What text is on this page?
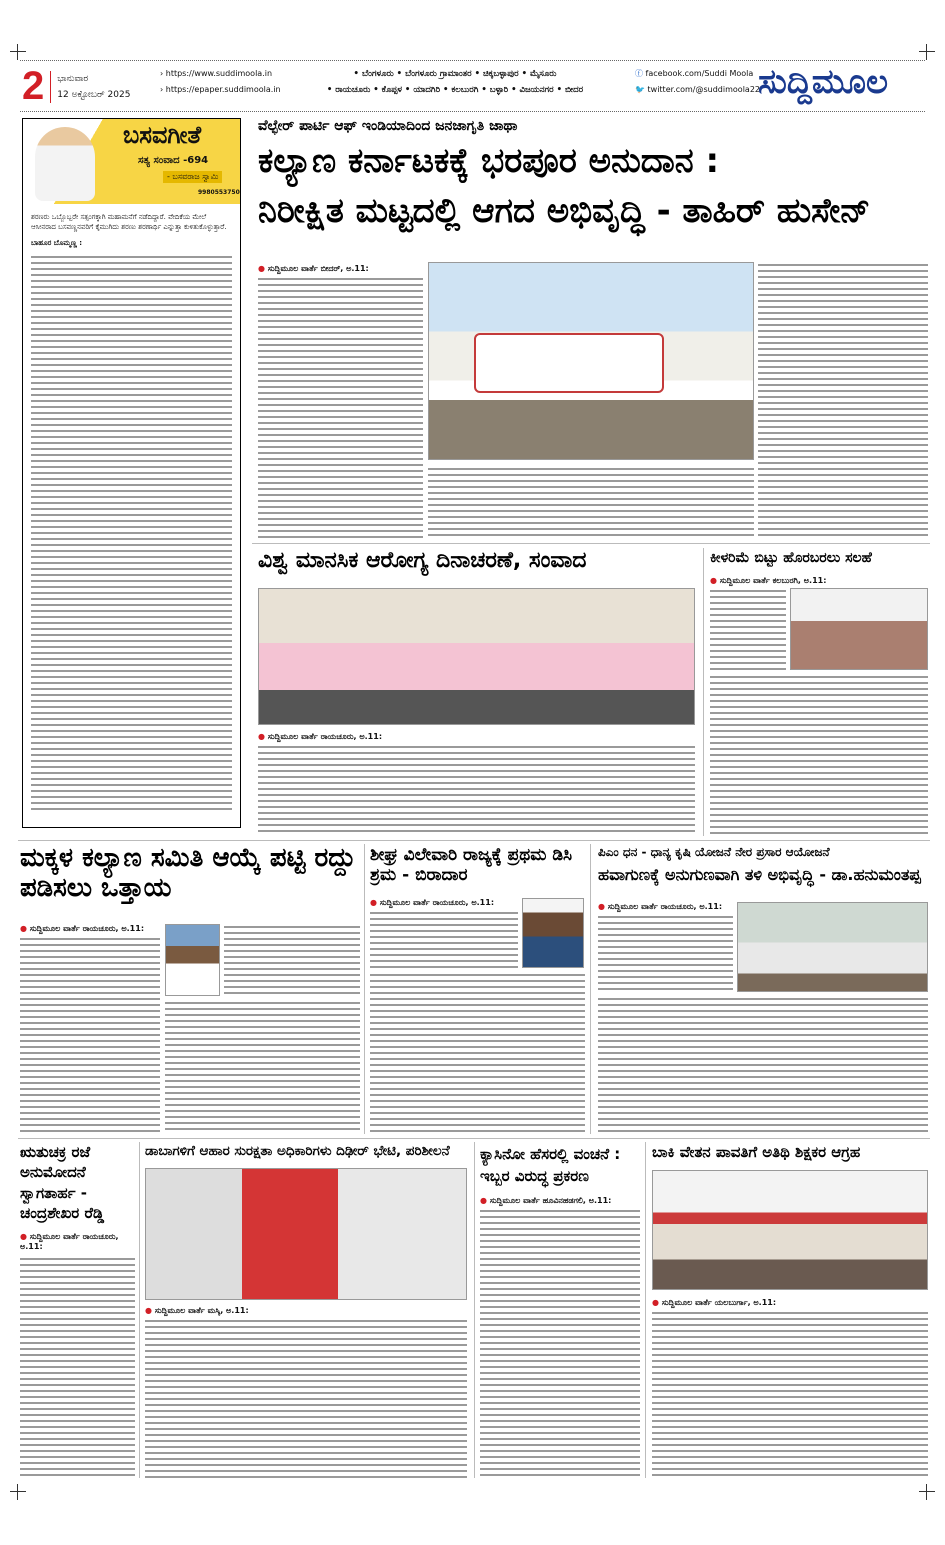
2 ಭಾನುವಾರ
12 ಅಕ್ಟೋಬರ್ 2025
› https://www.suddimoola.in
› https://epaper.suddimoola.in
• ಬೆಂಗಳೂರು • ಬೆಂಗಳೂರು ಗ್ರಾಮಾಂತರ • ಚಿಕ್ಕಬಳ್ಳಾಪುರ • ಮೈಸೂರು
• ರಾಯಚೂರು • ಕೊಪ್ಪಳ • ಯಾದಗಿರಿ • ಕಲಬುರಗಿ • ಬಳ್ಳಾರಿ • ವಿಜಯನಗರ • ಬೀದರ
ⓕ facebook.com/Suddi Moola
🐦 twitter.com/@suddimoola22
ಸುದ್ದಿಮೂಲ
ಬಸವಗೀತೆ
ಸತ್ಯ ಸಂವಾದ -694
- ಬಸವರಾಜ ಸ್ವಾಮಿ
9980553750

ಶರಣರು ಒಬ್ಬೊಬ್ಬರೇ ಸತ್ಸಂಗಕ್ಕಾಗಿ ಮಹಾಮನೆಗೆ ನಡೆದಿದ್ದಾರೆ. ವೇದಿಕೆಯ ಮೇಲೆ ಆಸೀನರಾದ ಬಸವಣ್ಣನವರಿಗೆ ಕೈಮುಗಿದು ಶರಣು ಶರಣಾರ್ಥಿ ಎನ್ನುತ್ತಾ ಕುಳಿತುಕೊಳ್ಳುತ್ತಾರೆ.

ಬಾಹೂರ ಬೊಮ್ಮಣ್ಣ :

ವೆಲ್ಫೇರ್ ಪಾರ್ಟಿ ಆಫ್ ಇಂಡಿಯಾದಿಂದ ಜನಜಾಗೃತಿ ಜಾಥಾ
ಕಲ್ಯಾಣ ಕರ್ನಾಟಕಕ್ಕೆ ಭರಪೂರ ಅನುದಾನ :
ನಿರೀಕ್ಷಿತ ಮಟ್ಟದಲ್ಲಿ ಆಗದ ಅಭಿವೃದ್ಧಿ - ತಾಹಿರ್ ಹುಸೇನ್
● ಸುದ್ದಿಮೂಲ ವಾರ್ತೆ ಬೀದರ್, ಅ.11:
ವಿಶ್ವ ಮಾನಸಿಕ ಆರೋಗ್ಯ ದಿನಾಚರಣೆ, ಸಂವಾದ
● ಸುದ್ದಿಮೂಲ ವಾರ್ತೆ ರಾಯಚೂರು, ಅ.11:
ಕೀಳರಿಮೆ ಬಿಟ್ಟು ಹೊರಬರಲು ಸಲಹೆ
● ಸುದ್ದಿಮೂಲ ವಾರ್ತೆ ಕಲಬುರಗಿ, ಅ.11:
ಮಕ್ಕಳ ಕಲ್ಯಾಣ ಸಮಿತಿ ಆಯ್ಕೆ ಪಟ್ಟಿ ರದ್ದು ಪಡಿಸಲು ಒತ್ತಾಯ
● ಸುದ್ದಿಮೂಲ ವಾರ್ತೆ ರಾಯಚೂರು, ಅ.11:
ಶೀಘ್ರ ವಿಲೇವಾರಿ ರಾಜ್ಯಕ್ಕೆ ಪ್ರಥಮ ಡಿಸಿ ಶ್ರಮ - ಬಿರಾದಾರ
● ಸುದ್ದಿಮೂಲ ವಾರ್ತೆ ರಾಯಚೂರು, ಅ.11:
ಪಿಎಂ ಧನ - ಧಾನ್ಯ ಕೃಷಿ ಯೋಜನೆ ನೇರ ಪ್ರಸಾರ ಆಯೋಜನೆ
ಹವಾಗುಣಕ್ಕೆ ಅನುಗುಣವಾಗಿ ತಳಿ ಅಭಿವೃದ್ಧಿ - ಡಾ.ಹನುಮಂತಪ್ಪ
● ಸುದ್ದಿಮೂಲ ವಾರ್ತೆ ರಾಯಚೂರು, ಅ.11:
ಋತುಚಕ್ರ ರಜೆ ಅನುಮೋದನೆ ಸ್ವಾಗತಾರ್ಹ - ಚಂದ್ರಶೇಖರ ರೆಡ್ಡಿ
● ಸುದ್ದಿಮೂಲ ವಾರ್ತೆ ರಾಯಚೂರು, ಅ.11:
ಡಾಬಾಗಳಿಗೆ ಆಹಾರ ಸುರಕ್ಷತಾ ಅಧಿಕಾರಿಗಳು ದಿಢೀರ್ ಭೇಟಿ, ಪರಿಶೀಲನೆ
● ಸುದ್ದಿಮೂಲ ವಾರ್ತೆ ಮಸ್ಕಿ, ಅ.11:
ಕ್ಯಾಸಿನೋ ಹೆಸರಲ್ಲಿ ವಂಚನೆ : ಇಬ್ಬರ ವಿರುದ್ಧ ಪ್ರಕರಣ
● ಸುದ್ದಿಮೂಲ ವಾರ್ತೆ ಹೂವಿನಹಡಗಲಿ, ಅ.11:
ಬಾಕಿ ವೇತನ ಪಾವತಿಗೆ ಅತಿಥಿ ಶಿಕ್ಷಕರ ಆಗ್ರಹ
● ಸುದ್ದಿಮೂಲ ವಾರ್ತೆ ಯಲಬುರ್ಗಾ, ಅ.11:
